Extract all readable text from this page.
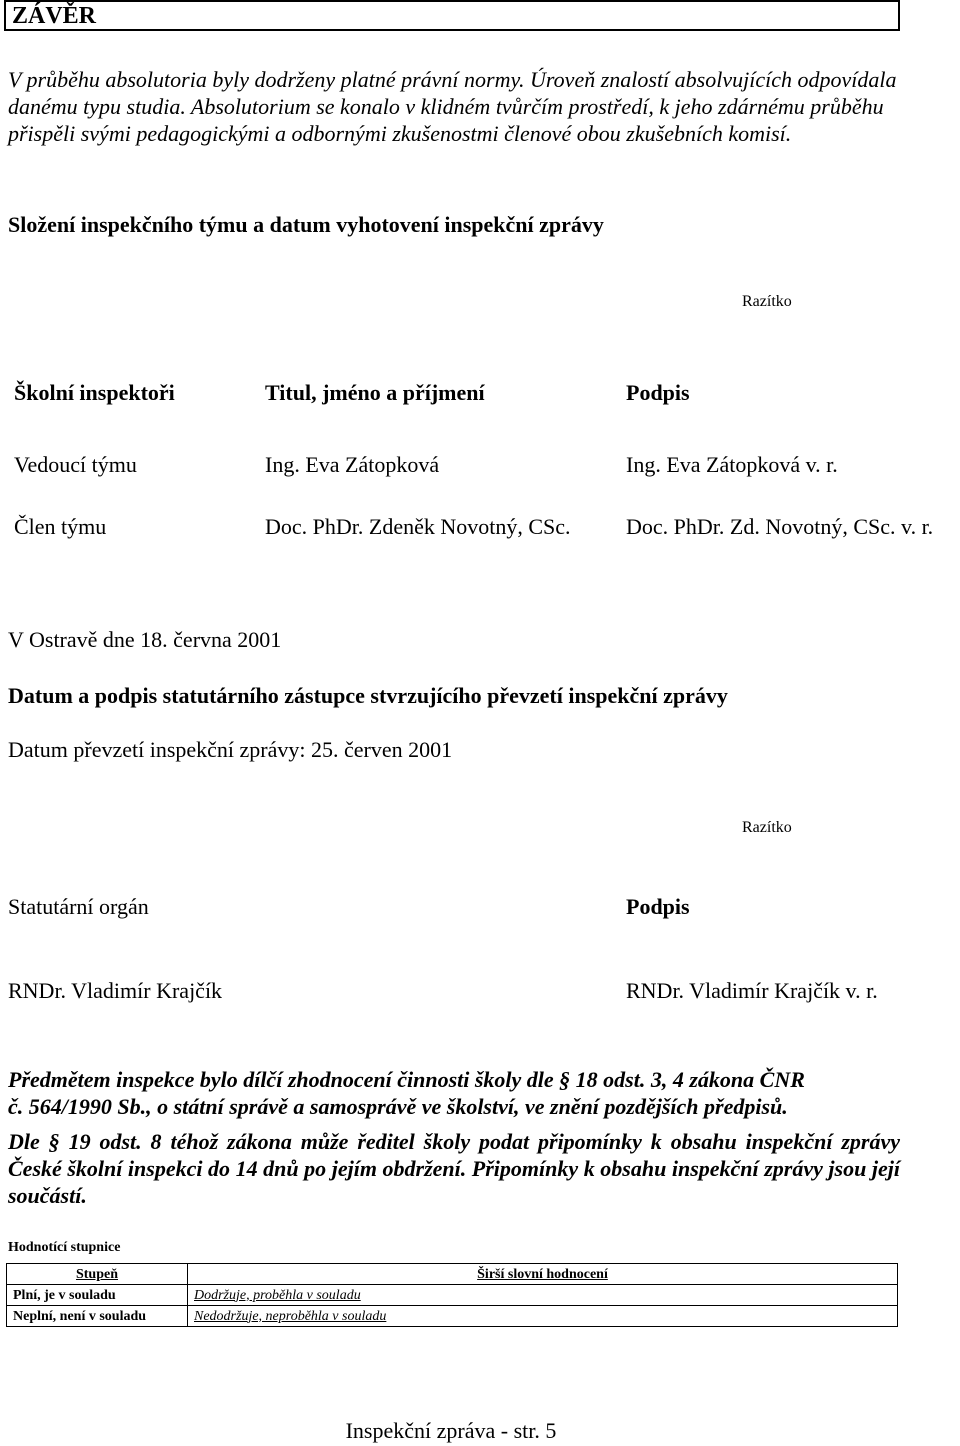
ZÁVĚR

V průběhu absolutoria byly dodrženy platné právní normy. Úroveň znalostí absolvujících odpovídala danému typu studia. Absolutorium se konalo v klidném tvůrčím prostředí, k jeho zdárnému průběhu přispěli svými pedagogickými a odbornými zkušenostmi členové obou zkušebních komisí.

Složení inspekčního týmu a datum vyhotovení inspekční zprávy
Razítko
Školní inspektoři	Titul, jméno a příjmení	Podpis
Vedoucí týmu	Ing. Eva Zátopková	Ing. Eva Zátopková v. r.
Člen týmu	Doc. PhDr. Zdeněk Novotný, CSc.	Doc. PhDr. Zd. Novotný, CSc. v. r.
V Ostravě dne 18. června 2001
Datum a podpis statutárního zástupce stvrzujícího převzetí inspekční zprávy
Datum převzetí inspekční zprávy: 25. červen 2001
Razítko
Statutární orgán	Podpis
RNDr. Vladimír Krajčík	RNDr. Vladimír Krajčík v. r.

Předmětem inspekce bylo dílčí zhodnocení činnosti školy dle § 18 odst. 3, 4 zákona ČNR

č. 564/1990 Sb., o státní správě a samosprávě ve školství, ve znění pozdějších předpisů.

Dle § 19 odst. 8 téhož zákona může ředitel školy podat připomínky k obsahu inspekční zprávy České školní inspekci do 14 dnů po jejím obdržení. Připomínky k obsahu inspekční zprávy jsou její součástí.

Hodnotící stupnice
Stupeň	Širší slovní hodnocení
Plní, je v souladu	Dodržuje, proběhla v souladu
Neplní, není v souladu	Nedodržuje, neproběhla v souladu
Inspekční zpráva - str. 5
